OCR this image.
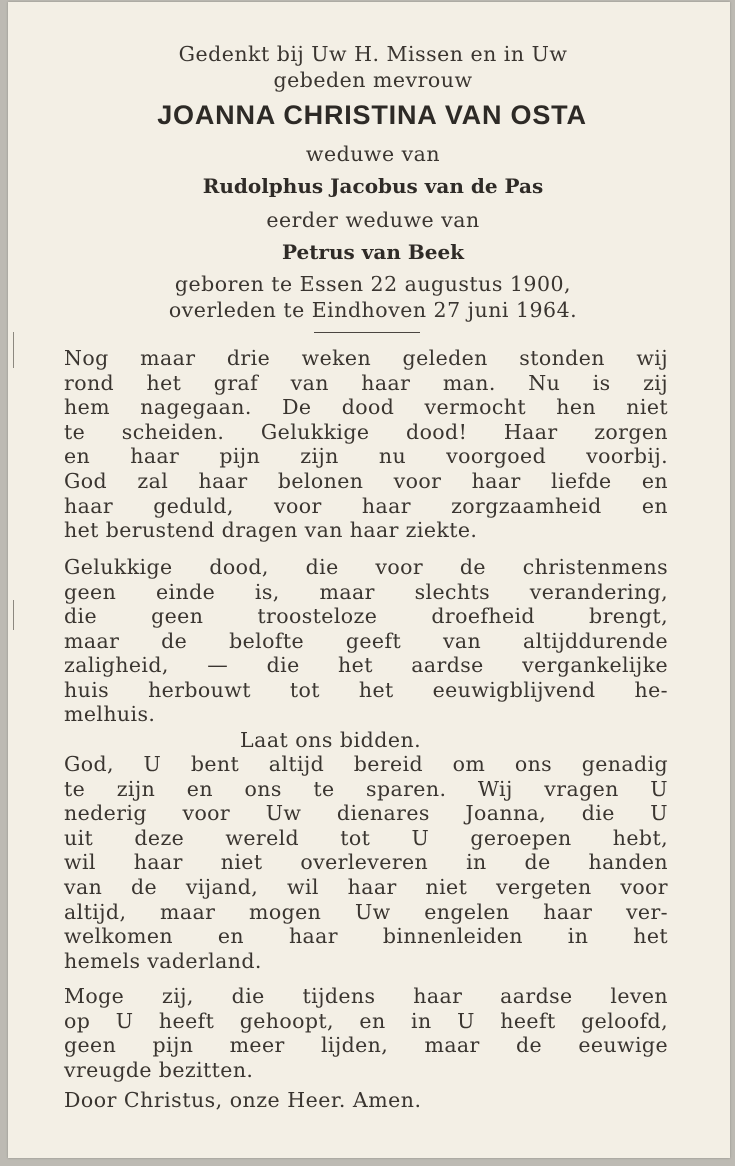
Gedenkt bij Uw H. Missen en in Uw
gebeden mevrouw
JOANNA CHRISTINA VAN OSTA
weduwe van
Rudolphus Jacobus van de Pas
eerder weduwe van
Petrus van Beek
geboren te Essen 22 augustus 1900,
overleden te Eindhoven 27 juni 1964.
Nog maar drie weken geleden stonden wij
rond het graf van haar man. Nu is zij
hem nagegaan. De dood vermocht hen niet
te scheiden. Gelukkige dood! Haar zorgen
en haar pijn zijn nu voorgoed voorbij.
God zal haar belonen voor haar liefde en
haar geduld, voor haar zorgzaamheid en
het berustend dragen van haar ziekte.
Gelukkige dood, die voor de christenmens
geen einde is, maar slechts verandering,
die geen troosteloze droefheid brengt,
maar de belofte geeft van altijddurende
zaligheid, — die het aardse vergankelijke
huis herbouwt tot het eeuwigblijvend he-
melhuis.
Laat ons bidden.
God, U bent altijd bereid om ons genadig
te zijn en ons te sparen. Wij vragen U
nederig voor Uw dienares Joanna, die U
uit deze wereld tot U geroepen hebt,
wil haar niet overleveren in de handen
van de vijand, wil haar niet vergeten voor
altijd, maar mogen Uw engelen haar ver-
welkomen en haar binnenleiden in het
hemels vaderland.
Moge zij, die tijdens haar aardse leven
op U heeft gehoopt, en in U heeft geloofd,
geen pijn meer lijden, maar de eeuwige
vreugde bezitten.
Door Christus, onze Heer. Amen.
